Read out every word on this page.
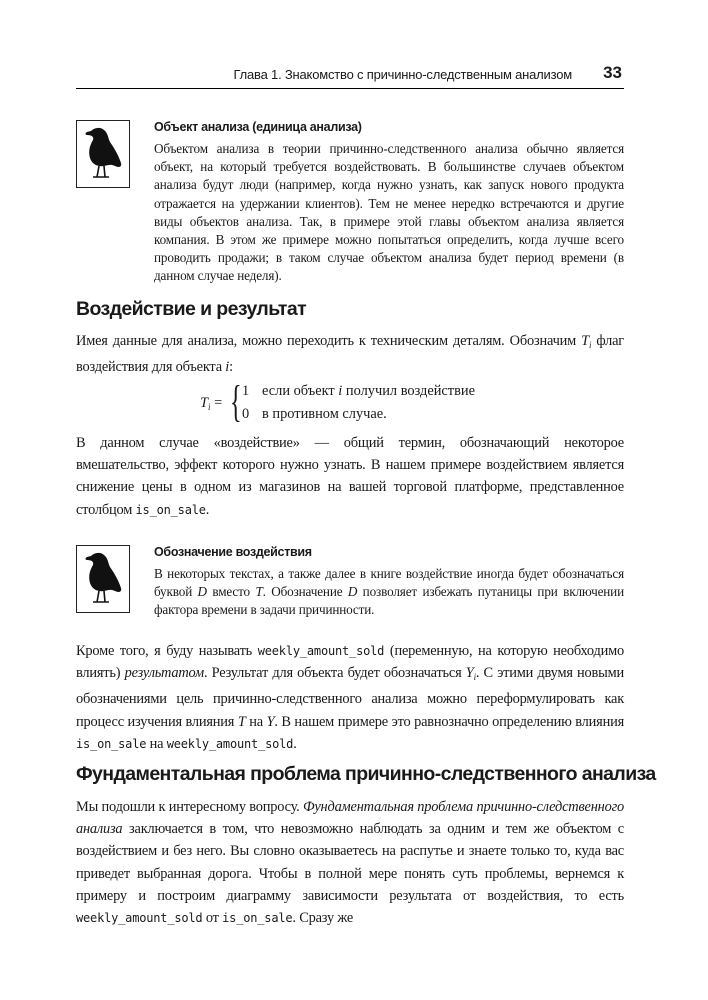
Глава 1. Знакомство с причинно-следственным анализом 33
Объект анализа (единица анализа)

Объектом анализа в теории причинно-следственного анализа обычно является объект, на который требуется воздействовать. В большинстве случаев объектом анализа будут люди (например, когда нужно узнать, как запуск нового продукта отражается на удержании клиентов). Тем не менее нередко встречаются и другие виды объектов анализа. Так, в примере этой главы объектом анализа является компания. В этом же примере можно попытаться определить, когда лучше всего проводить продажи; в таком случае объектом анализа будет период времени (в данном случае неделя).

Воздействие и результат

Имея данные для анализа, можно переходить к техническим деталям. Обозначим $T_i$ флаг воздействия для объекта i:

$T_i$ = { 1 если объект i получил воздействие
0 в противном случае.

В данном случае «воздействие» — общий термин, обозначающий некоторое вмешательство, эффект которого нужно узнать. В нашем примере воздействием является снижение цены в одном из магазинов на вашей торговой платформе, представленное столбцом is_on_sale.

Обозначение воздействия

В некоторых текстах, а также далее в книге воздействие иногда будет обозначаться буквой D вместо T. Обозначение D позволяет избежать путаницы при включении фактора времени в задачи причинности.

Кроме того, я буду называть weekly_amount_sold (переменную, на которую необходимо влиять) результатом. Результат для объекта будет обозначаться $Y_i$. С этими двумя новыми обозначениями цель причинно-следственного анализа можно переформулировать как процесс изучения влияния T на Y. В нашем примере это равнозначно определению влияния is_on_sale на weekly_amount_sold.

Фундаментальная проблема причинно-следственного анализа

Мы подошли к интересному вопросу. Фундаментальная проблема причинно-следственного анализа заключается в том, что невозможно наблюдать за одним и тем же объектом с воздействием и без него. Вы словно оказываетесь на распутье и знаете только то, куда вас приведет выбранная дорога. Чтобы в полной мере понять суть проблемы, вернемся к примеру и построим диаграмму зависимости результата от воздействия, то есть weekly_amount_sold от is_on_sale. Сразу же
